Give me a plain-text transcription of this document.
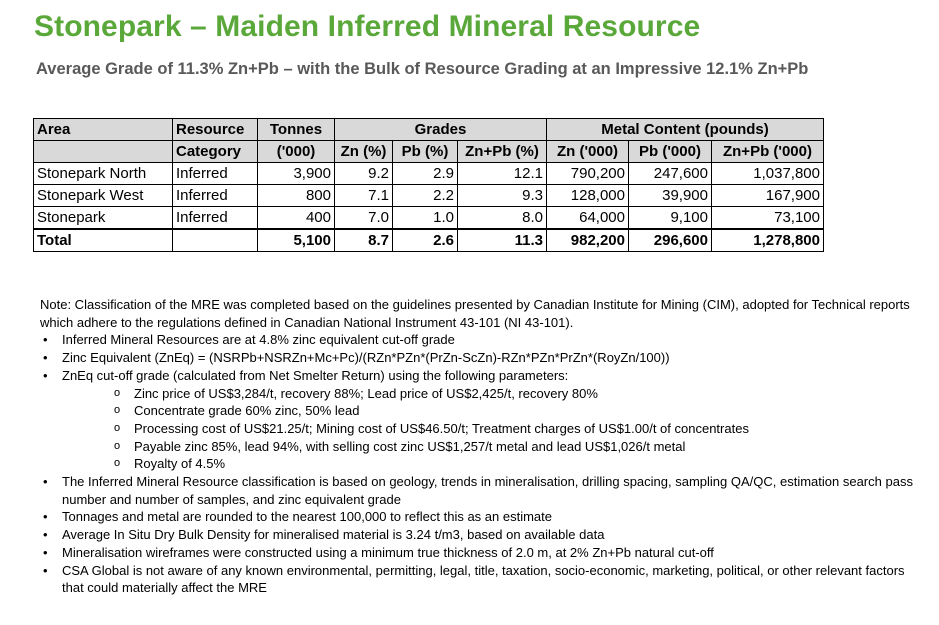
Stonepark – Maiden Inferred Mineral Resource
Average Grade of 11.3% Zn+Pb – with the Bulk of Resource Grading at an Impressive 12.1% Zn+Pb
Area	Resource	Tonnes	Grades			Metal Content (pounds)		
	Category	('000)	Zn (%)	Pb (%)	Zn+Pb (%)	Zn ('000)	Pb ('000)	Zn+Pb ('000)
Stonepark North	Inferred	3,900	9.2	2.9	12.1	790,200	247,600	1,037,800
Stonepark West	Inferred	800	7.1	2.2	9.3	128,000	39,900	167,900
Stonepark	Inferred	400	7.0	1.0	8.0	64,000	9,100	73,100
Total		5,100	8.7	2.6	11.3	982,200	296,600	1,278,800

Note: Classification of the MRE was completed based on the guidelines presented by Canadian Institute for Mining (CIM), adopted for Technical reports which adhere to the regulations defined in Canadian National Instrument 43-101 (NI 43-101).

• Inferred Mineral Resources are at 4.8% zinc equivalent cut-off grade
• Zinc Equivalent (ZnEq) = (NSRPb+NSRZn+Mc+Pc)/(RZn*PZn*(PrZn-ScZn)-RZn*PZn*PrZn*(RoyZn/100))
• ZnEq cut-off grade (calculated from Net Smelter Return) using the following parameters:
o Zinc price of US$3,284/t, recovery 88%; Lead price of US$2,425/t, recovery 80%
o Concentrate grade 60% zinc, 50% lead
o Processing cost of US$21.25/t; Mining cost of US$46.50/t; Treatment charges of US$1.00/t of concentrates
o Payable zinc 85%, lead 94%, with selling cost zinc US$1,257/t metal and lead US$1,026/t metal
o Royalty of 4.5%
• The Inferred Mineral Resource classification is based on geology, trends in mineralisation, drilling spacing, sampling QA/QC, estimation search pass number and number of samples, and zinc equivalent grade
• Tonnages and metal are rounded to the nearest 100,000 to reflect this as an estimate
• Average In Situ Dry Bulk Density for mineralised material is 3.24 t/m3, based on available data
• Mineralisation wireframes were constructed using a minimum true thickness of 2.0 m, at 2% Zn+Pb natural cut-off
• CSA Global is not aware of any known environmental, permitting, legal, title, taxation, socio-economic, marketing, political, or other relevant factors that could materially affect the MRE
